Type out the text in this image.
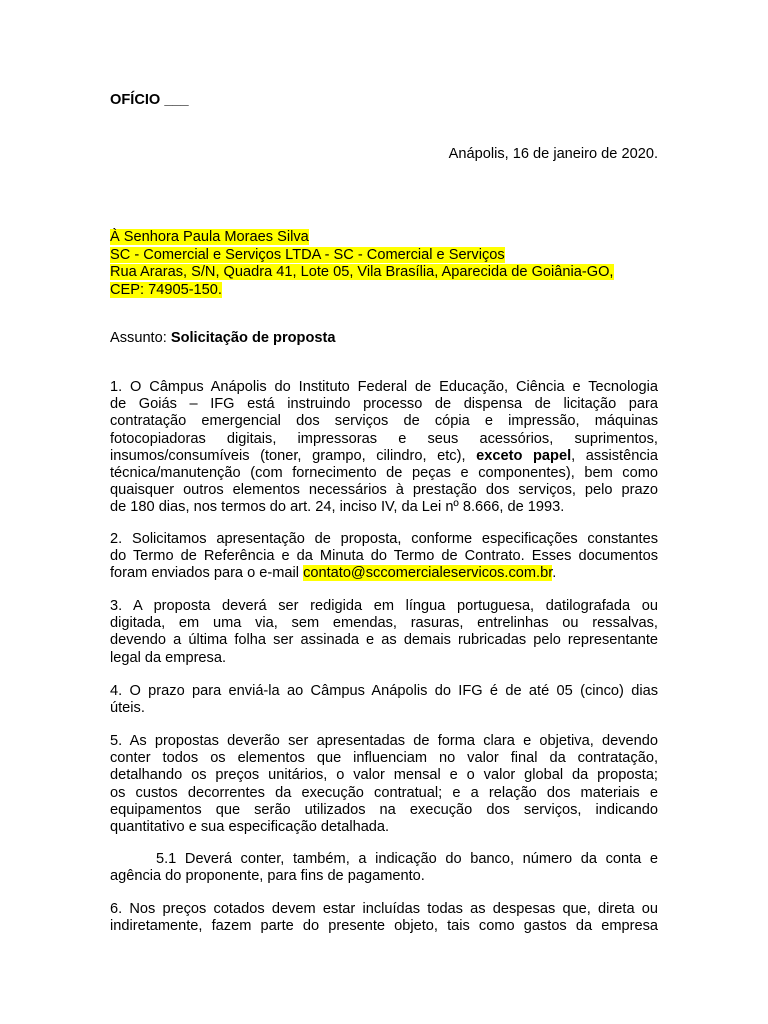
OFÍCIO ___
Anápolis, 16 de janeiro de 2020.
À Senhora Paula Moraes Silva
SC - Comercial e Serviços LTDA - SC - Comercial e Serviços
Rua Araras, S/N, Quadra 41, Lote 05, Vila Brasília, Aparecida de Goiânia-GO,
CEP: 74905-150.
Assunto: Solicitação de proposta
1. O Câmpus Anápolis do Instituto Federal de Educação, Ciência e Tecnologia
de Goiás – IFG está instruindo processo de dispensa de licitação para
contratação emergencial dos serviços de cópia e impressão, máquinas
fotocopiadoras digitais, impressoras e seus acessórios, suprimentos,
insumos/consumíveis (toner, grampo, cilindro, etc), exceto papel, assistência
técnica/manutenção (com fornecimento de peças e componentes), bem como
quaisquer outros elementos necessários à prestação dos serviços, pelo prazo
de 180 dias, nos termos do art. 24, inciso IV, da Lei nº 8.666, de 1993.
2. Solicitamos apresentação de proposta, conforme especificações constantes
do Termo de Referência e da Minuta do Termo de Contrato. Esses documentos
foram enviados para o e-mail contato@sccomercialeservicos.com.br.
3. A proposta deverá ser redigida em língua portuguesa, datilografada ou
digitada, em uma via, sem emendas, rasuras, entrelinhas ou ressalvas,
devendo a última folha ser assinada e as demais rubricadas pelo representante
legal da empresa.
4. O prazo para enviá-la ao Câmpus Anápolis do IFG é de até 05 (cinco) dias
úteis.
5. As propostas deverão ser apresentadas de forma clara e objetiva, devendo
conter todos os elementos que influenciam no valor final da contratação,
detalhando os preços unitários, o valor mensal e o valor global da proposta;
os custos decorrentes da execução contratual; e a relação dos materiais e
equipamentos que serão utilizados na execução dos serviços, indicando
quantitativo e sua especificação detalhada.
5.1 Deverá conter, também, a indicação do banco, número da conta e
agência do proponente, para fins de pagamento.
6. Nos preços cotados devem estar incluídas todas as despesas que, direta ou
indiretamente, fazem parte do presente objeto, tais como gastos da empresa
